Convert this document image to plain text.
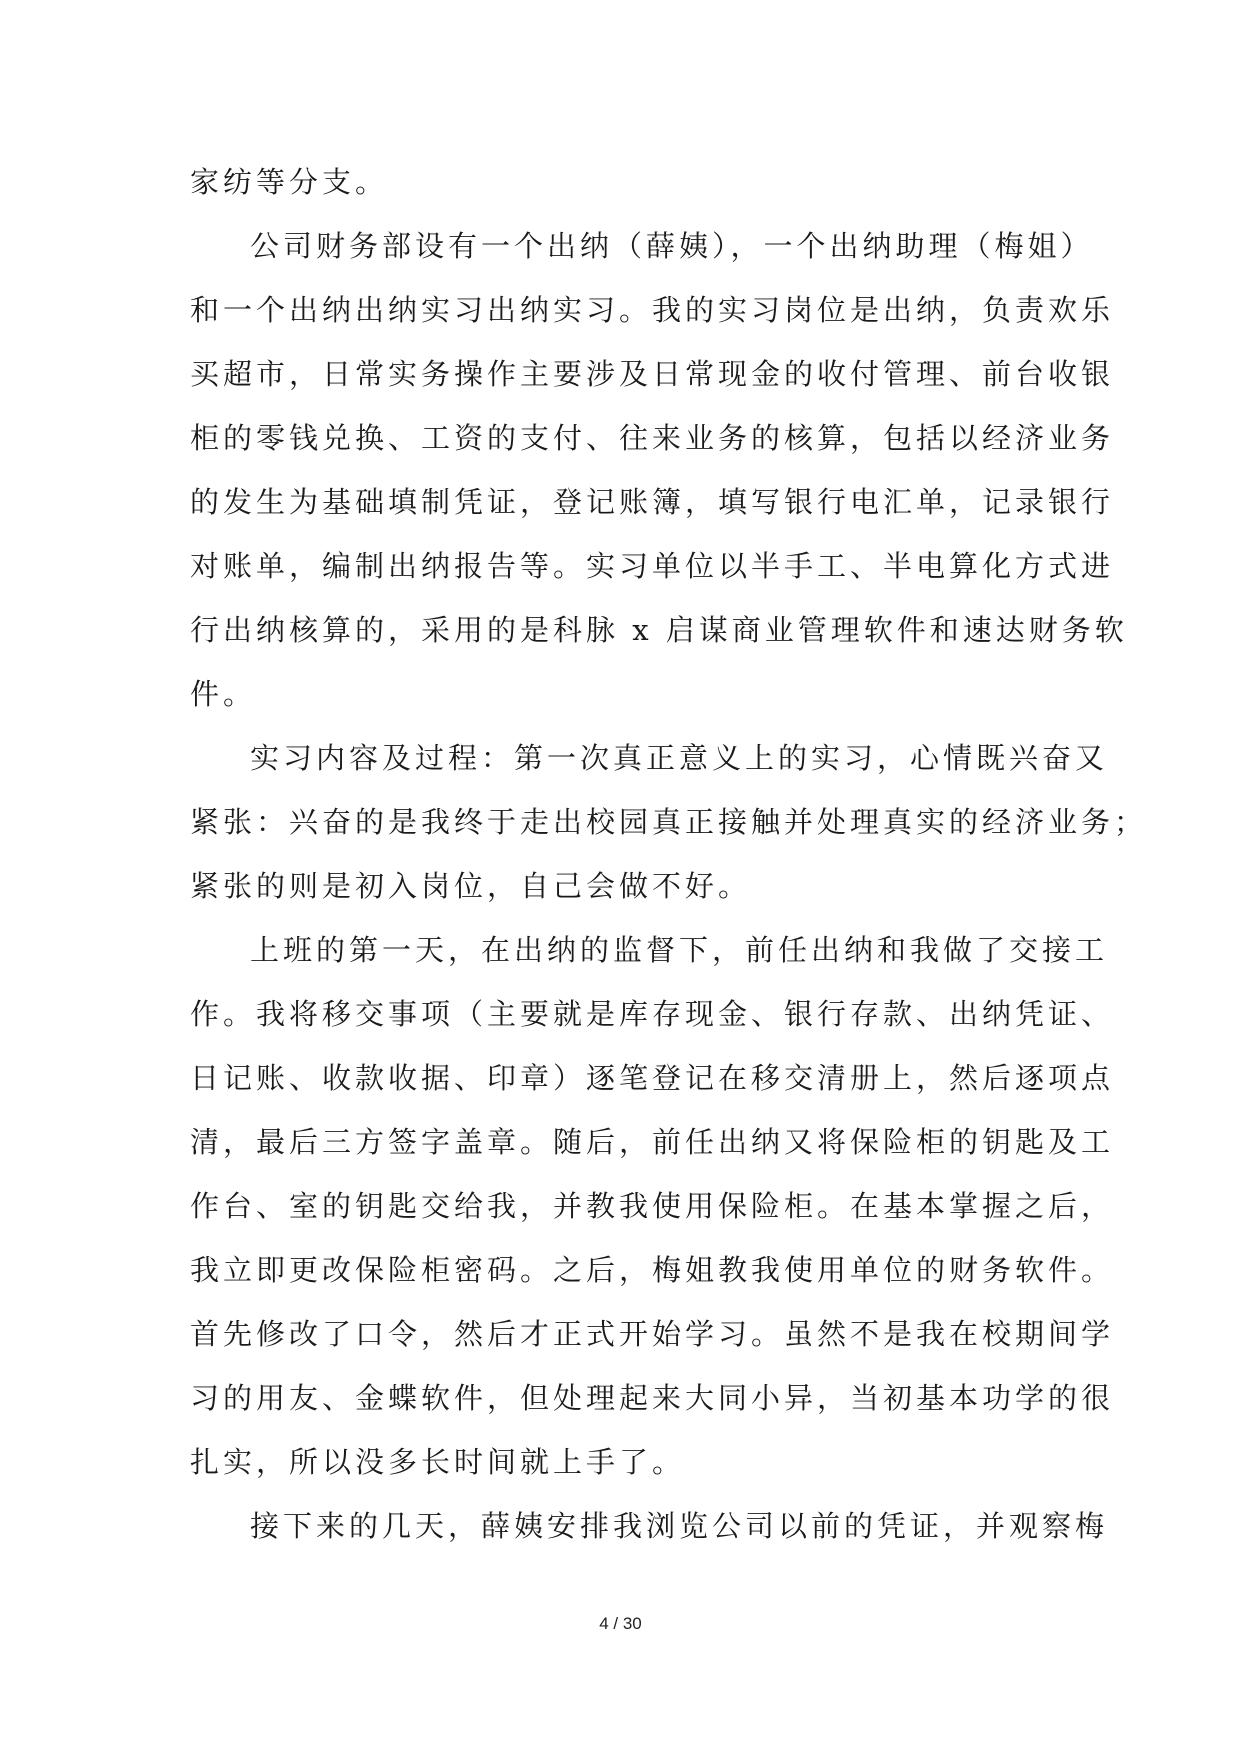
家纺等分支。
公司财务部设有一个出纳（薛姨），一个出纳助理（梅姐）
和一个出纳出纳实习出纳实习。我的实习岗位是出纳，负责欢乐
买超市，日常实务操作主要涉及日常现金的收付管理、前台收银
柜的零钱兑换、工资的支付、往来业务的核算，包括以经济业务
的发生为基础填制凭证，登记账簿，填写银行电汇单，记录银行
对账单，编制出纳报告等。实习单位以半手工、半电算化方式进
行出纳核算的，采用的是科脉 x 启谋商业管理软件和速达财务软
件。
实习内容及过程：第一次真正意义上的实习，心情既兴奋又
紧张：兴奋的是我终于走出校园真正接触并处理真实的经济业务；
紧张的则是初入岗位，自己会做不好。
上班的第一天，在出纳的监督下，前任出纳和我做了交接工
作。我将移交事项（主要就是库存现金、银行存款、出纳凭证、
日记账、收款收据、印章）逐笔登记在移交清册上，然后逐项点
清，最后三方签字盖章。随后，前任出纳又将保险柜的钥匙及工
作台、室的钥匙交给我，并教我使用保险柜。在基本掌握之后，
我立即更改保险柜密码。之后，梅姐教我使用单位的财务软件。
首先修改了口令，然后才正式开始学习。虽然不是我在校期间学
习的用友、金蝶软件，但处理起来大同小异，当初基本功学的很
扎实，所以没多长时间就上手了。
接下来的几天，薛姨安排我浏览公司以前的凭证，并观察梅
4 / 30
